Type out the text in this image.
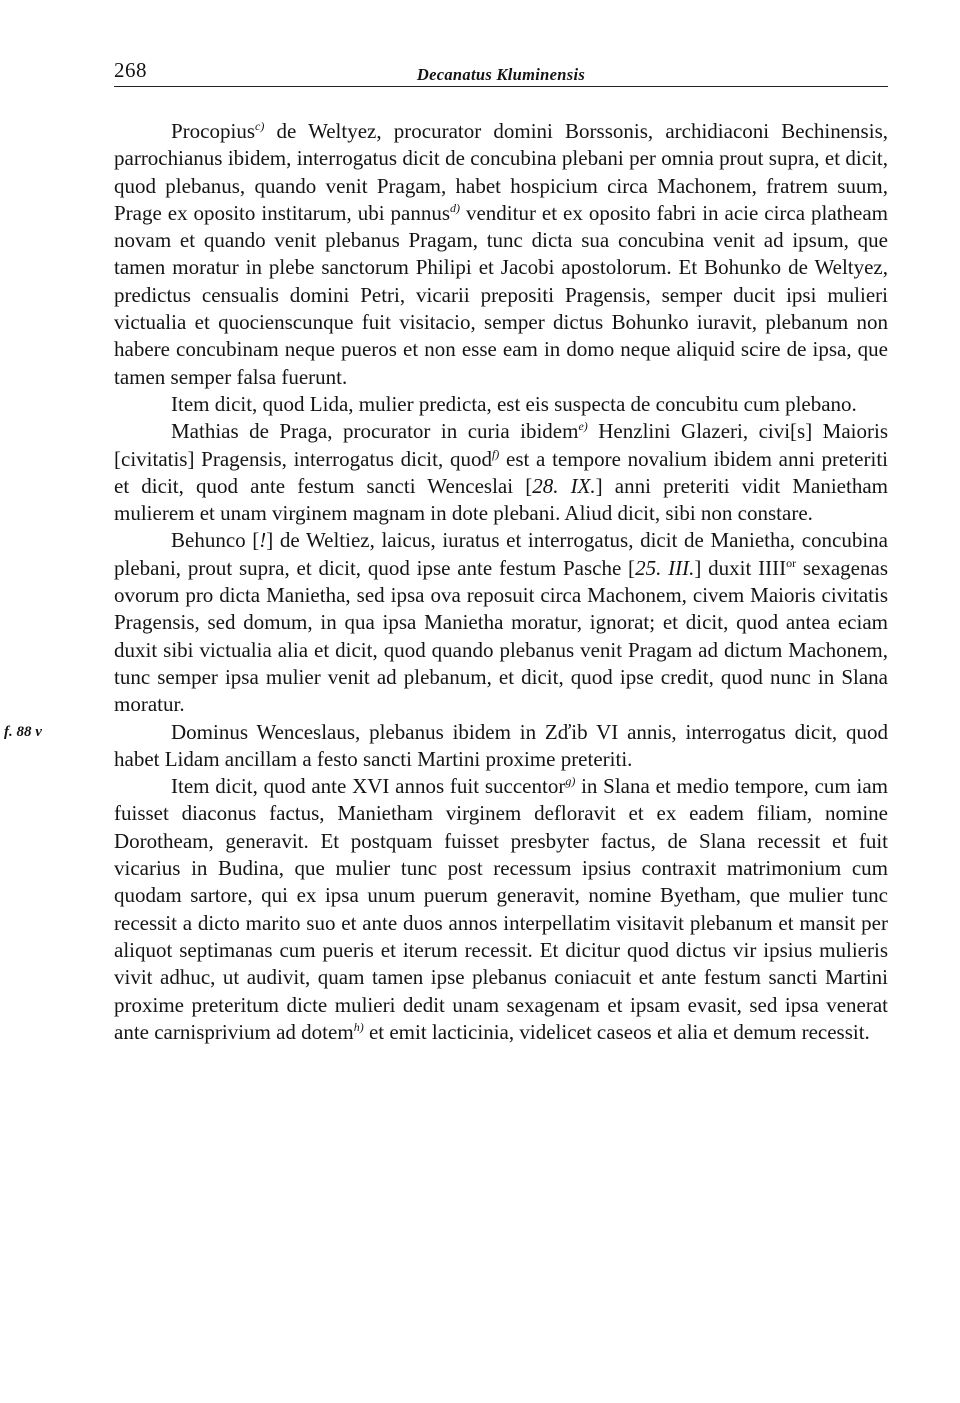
268	Decanatus Kluminensis

Procopius$^{c)}$ de Weltyez, procurator domini Borssonis, archidiaconi Bechinensis, parrochianus ibidem, interrogatus dicit de concubina plebani per omnia prout supra, et dicit, quod plebanus, quando venit Pragam, habet hospicium circa Machonem, fratrem suum, Prage ex oposito institarum, ubi pannus$^{d)}$ venditur et ex oposito fabri in acie circa platheam novam et quando venit plebanus Pragam, tunc dicta sua concubina venit ad ipsum, que tamen moratur in plebe sanctorum Philipi et Jacobi apostolorum. Et Bohunko de Weltyez, predictus censualis domini Petri, vicarii prepositi Pragensis, semper ducit ipsi mulieri victualia et quocienscunque fuit visitacio, semper dictus Bohunko iuravit, plebanum non habere concubinam neque pueros et non esse eam in domo neque aliquid scire de ipsa, que tamen semper falsa fuerunt.

Item dicit, quod Lida, mulier predicta, est eis suspecta de concubitu cum plebano.

Mathias de Praga, procurator in curia ibidem$^{e)}$ Henzlini Glazeri, civi[s] Maioris [civitatis] Pragensis, interrogatus dicit, quod$^{f)}$ est a tempore novalium ibidem anni preteriti et dicit, quod ante festum sancti Wenceslai [28. IX.] anni preteriti vidit Manietham mulierem et unam virginem magnam in dote plebani. Aliud dicit, sibi non constare.

Behunco [!] de Weltiez, laicus, iuratus et interrogatus, dicit de Manietha, concubina plebani, prout supra, et dicit, quod ipse ante festum Pasche [25. III.] duxit $IIII^{or}$ sexagenas ovorum pro dicta Manietha, sed ipsa ova reposuit circa Machonem, civem Maioris civitatis Pragensis, sed domum, in qua ipsa Manietha moratur, ignorat; et dicit, quod antea eciam duxit sibi victualia alia et dicit, quod quando plebanus venit Pragam ad dictum Machonem, tunc semper ipsa mulier venit ad plebanum, et dicit, quod ipse credit, quod nunc in Slana moratur.

f. 88 v	Dominus Wenceslaus, plebanus ibidem in Zďib VI annis, interrogatus dicit, quod habet Lidam ancillam a festo sancti Martini proxime preteriti.

Item dicit, quod ante XVI annos fuit succentor$^{g)}$ in Slana et medio tempore, cum iam fuisset diaconus factus, Manietham virginem defloravit et ex eadem filiam, nomine Dorotheam, generavit. Et postquam fuisset presbyter factus, de Slana recessit et fuit vicarius in Budina, que mulier tunc post recessum ipsius contraxit matrimonium cum quodam sartore, qui ex ipsa unum puerum generavit, nomine Byetham, que mulier tunc recessit a dicto marito suo et ante duos annos interpellatim visitavit plebanum et mansit per aliquot septimanas cum pueris et iterum recessit. Et dicitur quod dictus vir ipsius mulieris vivit adhuc, ut audivit, quam tamen ipse plebanus coniacuit et ante festum sancti Martini proxime preteritum dicte mulieri dedit unam sexagenam et ipsam evasit, sed ipsa venerat ante carnisprivium ad dotem$^{h)}$ et emit lacticinia, videlicet caseos et alia et demum recessit.
